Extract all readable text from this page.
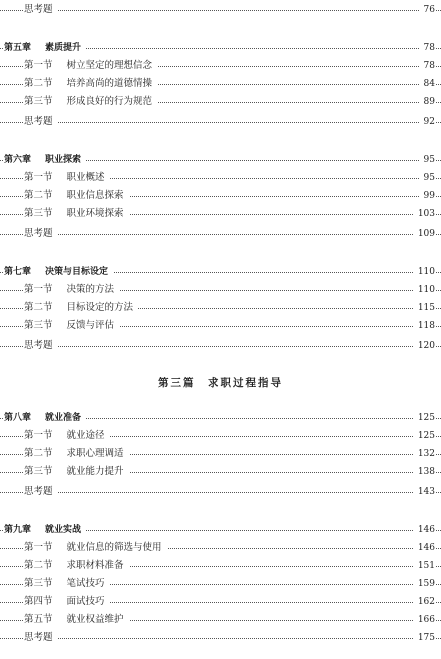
思考题	76
第五章 素质提升	78
第一节 树立坚定的理想信念	78
第二节 培养高尚的道德情操	84
第三节 形成良好的行为规范	89
思考题	92
第六章 职业探索	95
第一节 职业概述	95
第二节 职业信息探索	99
第三节 职业环境探索	103
思考题	109
第七章 决策与目标设定	110
第一节 决策的方法	110
第二节 目标设定的方法	115
第三节 反馈与评估	118
思考题	120
第三篇　求职过程指导
第八章 就业准备	125
第一节 就业途径	125
第二节 求职心理调适	132
第三节 就业能力提升	138
思考题	143
第九章 就业实战	146
第一节 就业信息的筛选与使用	146
第二节 求职材料准备	151
第三节 笔试技巧	159
第四节 面试技巧	162
第五节 就业权益维护	166
思考题	175
